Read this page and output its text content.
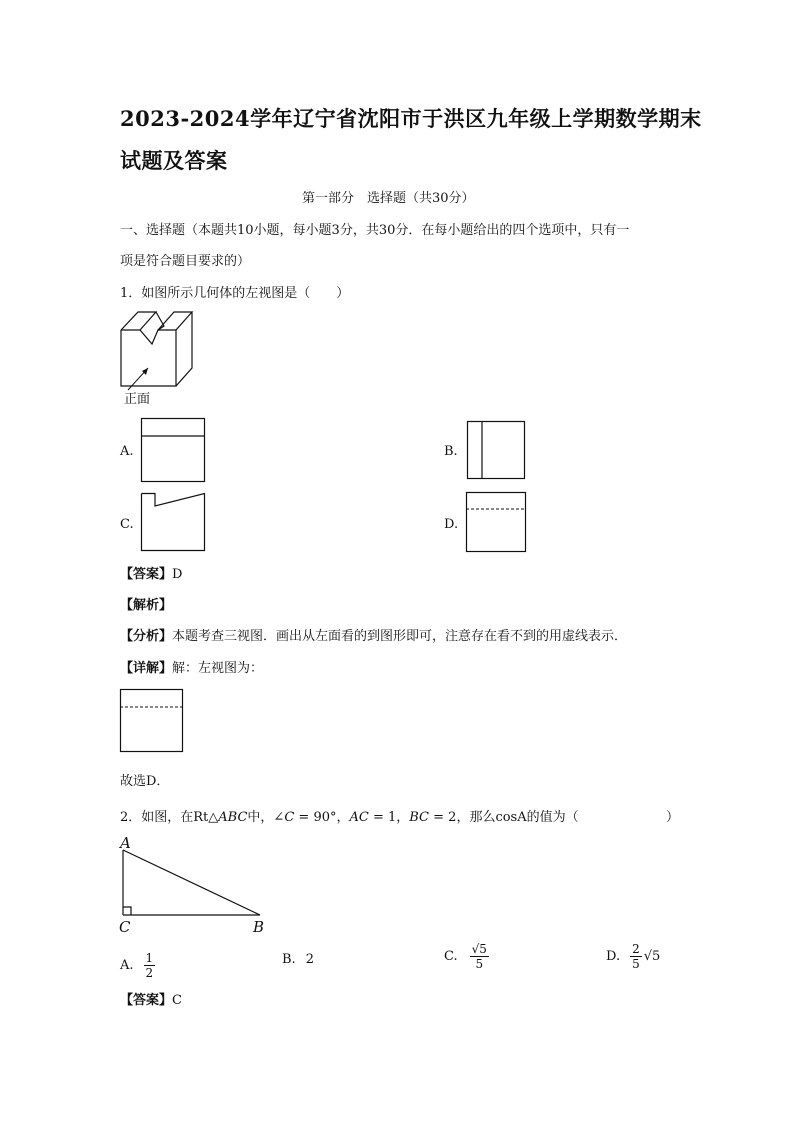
2023-2024学年辽宁省沈阳市于洪区九年级上学期数学期末
试题及答案
第一部分　选择题（共30分）
一、选择题（本题共10小题，每小题3分，共30分．在每小题给出的四个选项中，只有一
项是符合题目要求的）
1．如图所示几何体的左视图是（　　）
正面
A.	B.
C.	D.
【答案】D
【解析】
【分析】本题考查三视图．画出从左面看的到图形即可，注意存在看不到的用虚线表示．
【详解】解：左视图为：
故选D．
2．如图，在Rt△ABC中，∠C = 90°，AC = 1，BC = 2，那么cosA的值为（	）
A
C	B
A. $\frac{1}{2}$	B. 2	C. $\frac{√5}{5}$	D. $\frac{2}{5} √5$
【答案】C
